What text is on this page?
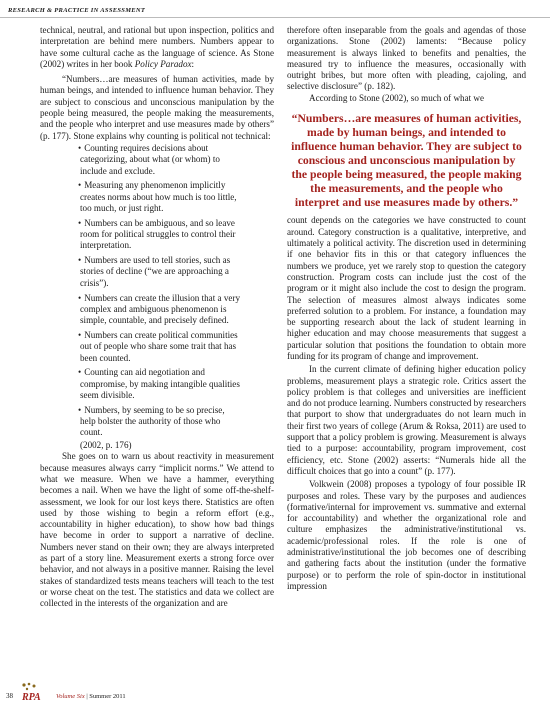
RESEARCH & PRACTICE IN ASSESSMENT

technical, neutral, and rational but upon inspection, politics and interpretation are behind mere numbers. Numbers appear to have some cultural cache as the language of science. As Stone (2002) writes in her book Policy Paradox:

“Numbers…are measures of human activities, made by human beings, and intended to influence human behavior. They are subject to conscious and unconscious manipulation by the people being measured, the people making the measurements, and the people who interpret and use measures made by others” (p. 177). Stone explains why counting is political not technical:

• Counting requires decisions about categorizing, about what (or whom) to include and exclude.
• Measuring any phenomenon implicitly creates norms about how much is too little, too much, or just right.
• Numbers can be ambiguous, and so leave room for political struggles to control their interpretation.
• Numbers are used to tell stories, such as stories of decline (“we are approaching a crisis”).
• Numbers can create the illusion that a very complex and ambiguous phenomenon is simple, countable, and precisely defined.
• Numbers can create political communities out of people who share some trait that has been counted.
• Counting can aid negotiation and compromise, by making intangible qualities seem divisible.
• Numbers, by seeming to be so precise, help bolster the authority of those who count.

(2002, p. 176)

She goes on to warn us about reactivity in measurement because measures always carry “implicit norms.” We attend to what we measure. When we have a hammer, everything becomes a nail. When we have the light of some off-the-shelf- assessment, we look for our lost keys there. Statistics are often used by those wishing to begin a reform effort (e.g., accountability in higher education), to show how bad things have become in order to support a narrative of decline. Numbers never stand on their own; they are always interpreted as part of a story line. Measurement exerts a strong force over behavior, and not always in a positive manner. Raising the level stakes of standardized tests means teachers will teach to the test or worse cheat on the test. The statistics and data we collect are collected in the interests of the organization and are

therefore often inseparable from the goals and agendas of those organizations. Stone (2002) laments: “Because policy measurement is always linked to benefits and penalties, the measured try to influence the measures, occasionally with outright bribes, but more often with pleading, cajoling, and selective disclosure” (p. 182).

According to Stone (2002), so much of what we

“Numbers…are measures of human activities, made by human beings, and intended to influence human behavior. They are subject to conscious and unconscious manipulation by the people being measured, the people making the measurements, and the people who interpret and use measures made by others.”

count depends on the categories we have constructed to count around. Category construction is a qualitative, interpretive, and ultimately a political activity. The discretion used in determining if one behavior fits in this or that category influences the numbers we produce, yet we rarely stop to question the category construction. Program costs can include just the cost of the program or it might also include the cost to design the program. The selection of measures almost always indicates some preferred solution to a problem. For instance, a foundation may be supporting research about the lack of student learning in higher education and may choose measurements that suggest a particular solution that positions the foundation to obtain more funding for its program of change and improvement.

In the current climate of defining higher education policy problems, measurement plays a strategic role. Critics assert the policy problem is that colleges and universities are inefficient and do not produce learning. Numbers constructed by researchers that purport to show that undergraduates do not learn much in their first two years of college (Arum & Roksa, 2011) are used to support that a policy problem is growing. Measurement is always tied to a purpose: accountability, program improvement, cost efficiency, etc. Stone (2002) asserts: “Numerals hide all the difficult choices that go into a count” (p. 177).

Volkwein (2008) proposes a typology of four possible IR purposes and roles. These vary by the purposes and audiences (formative/internal for improvement vs. summative and external for accountability) and whether the organizational role and culture emphasizes the administrative/institutional vs. academic/professional roles. If the role is one of administrative/institutional the job becomes one of describing and gathering facts about the institution (under the formative purpose) or to perform the role of spin-doctor in institutional impression

38 RPA Volume Six | Summer 2011
